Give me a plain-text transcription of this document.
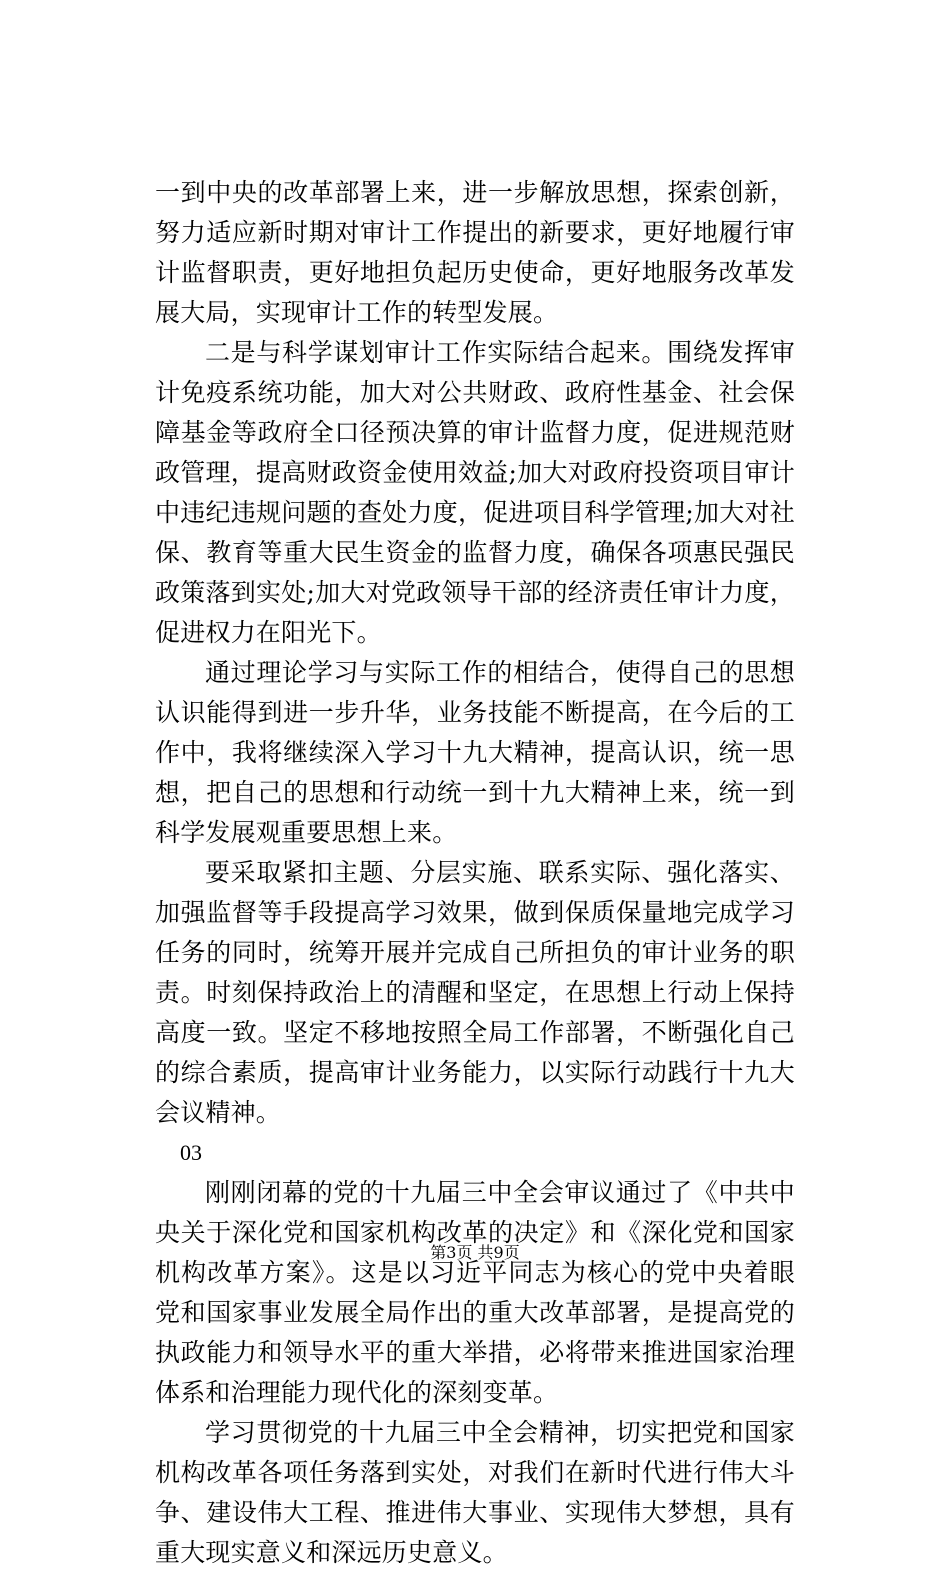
一到中央的改革部署上来，进一步解放思想，探索创新，努力适应新时期对审计工作提出的新要求，更好地履行审计监督职责，更好地担负起历史使命，更好地服务改革发展大局，实现审计工作的转型发展。

二是与科学谋划审计工作实际结合起来。围绕发挥审计免疫系统功能，加大对公共财政、政府性基金、社会保障基金等政府全口径预决算的审计监督力度，促进规范财政管理，提高财政资金使用效益;加大对政府投资项目审计中违纪违规问题的查处力度，促进项目科学管理;加大对社保、教育等重大民生资金的监督力度，确保各项惠民强民政策落到实处;加大对党政领导干部的经济责任审计力度，促进权力在阳光下。

通过理论学习与实际工作的相结合，使得自己的思想认识能得到进一步升华，业务技能不断提高，在今后的工作中，我将继续深入学习十九大精神，提高认识，统一思想，把自己的思想和行动统一到十九大精神上来，统一到科学发展观重要思想上来。

要采取紧扣主题、分层实施、联系实际、强化落实、加强监督等手段提高学习效果，做到保质保量地完成学习任务的同时，统筹开展并完成自己所担负的审计业务的职责。时刻保持政治上的清醒和坚定，在思想上行动上保持高度一致。坚定不移地按照全局工作部署，不断强化自己的综合素质，提高审计业务能力，以实际行动践行十九大会议精神。

03

刚刚闭幕的党的十九届三中全会审议通过了《中共中央关于深化党和国家机构改革的决定》和《深化党和国家机构改革方案》。这是以习近平同志为核心的党中央着眼党和国家事业发展全局作出的重大改革部署，是提高党的执政能力和领导水平的重大举措，必将带来推进国家治理体系和治理能力现代化的深刻变革。

学习贯彻党的十九届三中全会精神，切实把党和国家机构改革各项任务落到实处，对我们在新时代进行伟大斗争、建设伟大工程、推进伟大事业、实现伟大梦想，具有重大现实意义和深远历史意义。

第3页 共9页
